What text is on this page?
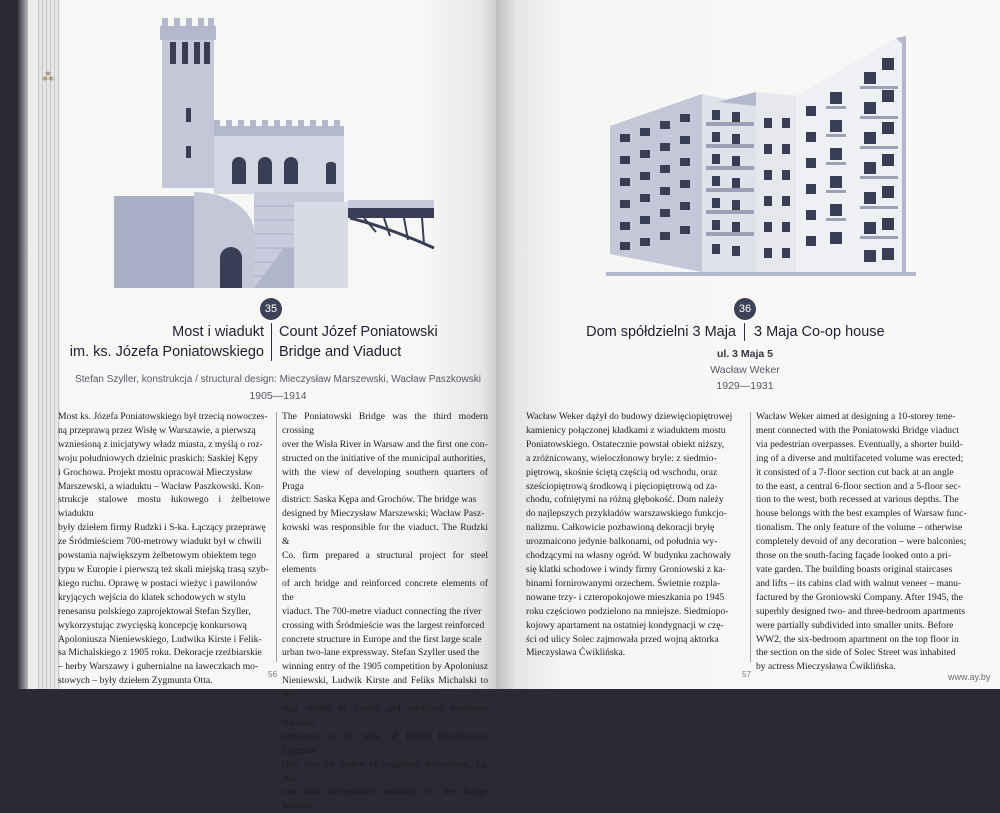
⁂
35
Most i wiadukt
im. ks. Józefa Poniatowskiego
Count Józef Poniatowski
Bridge and Viaduct
Stefan Szyller, konstrukcja / structural design: Mieczysław Marszewski, Wacław Paszkowski
1905—1914
Most ks. Józefa Poniatowskiego był trzecią nowoczes-
ną przeprawą przez Wisłę w Warszawie, a pierwszą
wzniesioną z inicjatywy władz miasta, z myślą o roz-
woju południowych dzielnic praskich: Saskiej Kępy
i Grochowa. Projekt mostu opracował Mieczysław
Marszewski, a wiaduktu – Wacław Paszkowski. Kon-
strukcje stalowe mostu łukowego i żelbetowe wiaduktu
były dziełem firmy Rudzki i S-ka. Łączący przeprawę
ze Śródmieściem 700-metrowy wiadukt był w chwili
powstania największym żelbetowym obiektem tego
typu w Europie i pierwszą też skali miejską trasą szyb-
kiego ruchu. Oprawę w postaci wieżyc i pawilonów
kryjących wejścia do klatek schodowych w stylu
renesansu polskiego zaprojektował Stefan Szyller,
wykorzystując zwycięską koncepcję konkursową
Apoloniusza Nieniewskiego, Ludwika Kirste i Felik-
sa Michalskiego z 1905 roku. Dekoracje rzeźbiarskie
– herby Warszawy i gubernialne na ławeczkach mo-
stowych – były dziełem Zygmunta Otta.
The Poniatowski Bridge was the third modern crossing
over the Wisła River in Warsaw and the first one con-
structed on the initiative of the municipal authorities,
with the view of developing southern quarters of Praga
district: Saska Kępa and Grochów. The bridge was
designed by Mieczysław Marszewski; Wacław Pasz-
kowski was responsible for the viaduct. The Rudzki &
Co. firm prepared a structural project for steel elements
of arch bridge and reinforced concrete elements of the
viaduct. The 700-metre viaduct connecting the river
crossing with Śródmieście was the largest reinforced
concrete structure in Europe and the first large scale
urban two-lane expressway. Stefan Szyller used the
winning entry of the 1905 competition by Apoloniusz
Nieniewski, Ludwik Kirste and Feliks Michalski to de-
sign details of turrets and pavilions enclosing staircase
entrances in the style of Polish Renaissance. Zygmunt
Otto was the author of sculptural decorations, i.e. War-
saw and Governorate emblems on the bridge benches.
56
36
Dom spółdzielni 3 Maja 3 Maja Co-op house
ul. 3 Maja 5
Wacław Weker
1929—1931
Wacław Weker dążył do budowy dziewięciopiętrowej
kamienicy połączonej kładkami z wiaduktem mostu
Poniatowskiego. Ostatecznie powstał obiekt niższy,
a zróżnicowany, wieloczłonowy bryle: z siedmio-
piętrową, skośnie ściętą częścią od wschodu, oraz
sześciopiętrową środkową i pięciopiętrową od za-
chodu, cofniętymi na różną głębokość. Dom należy
do najlepszych przykładów warszawskiego funkcjo-
nalizmu. Całkowicie pozbawioną dekoracji bryłę
urozmaicono jedynie balkonami, od południa wy-
chodzącymi na własny ogród. W budynku zachowały
się klatki schodowe i windy firmy Groniowski z ka-
binami fornirowanymi orzechem. Świetnie rozpla-
nowane trzy- i czteropokojowe mieszkania po 1945
roku częściowo podzielono na mniejsze. Siedmiopo-
kojowy apartament na ostatniej kondygnacji w czę-
ści od ulicy Solec zajmowała przed wojną aktorka
Mieczysława Ćwiklińska.
Wacław Weker aimed at designing a 10-storey tene-
ment connected with the Poniatowski Bridge viaduct
via pedestrian overpasses. Eventually, a shorter build-
ing of a diverse and multifaceted volume was erected;
it consisted of a 7-floor section cut back at an angle
to the east, a central 6-floor section and a 5-floor sec-
tion to the west, both recessed at various depths. The
house belongs with the best examples of Warsaw func-
tionalism. The only feature of the volume – otherwise
completely devoid of any decoration – were balconies;
those on the south-facing façade looked onto a pri-
vate garden. The building boasts original staircases
and lifts – its cabins clad with walnut veneer – manu-
factured by the Groniowski Company. After 1945, the
superbly designed two- and three-bedroom apartments
were partially subdivided into smaller units. Before
WW2, the six-bedroom apartment on the top floor in
the section on the side of Solec Street was inhabited
by actress Mieczysława Ćwiklińska.
57	www.ay.by
